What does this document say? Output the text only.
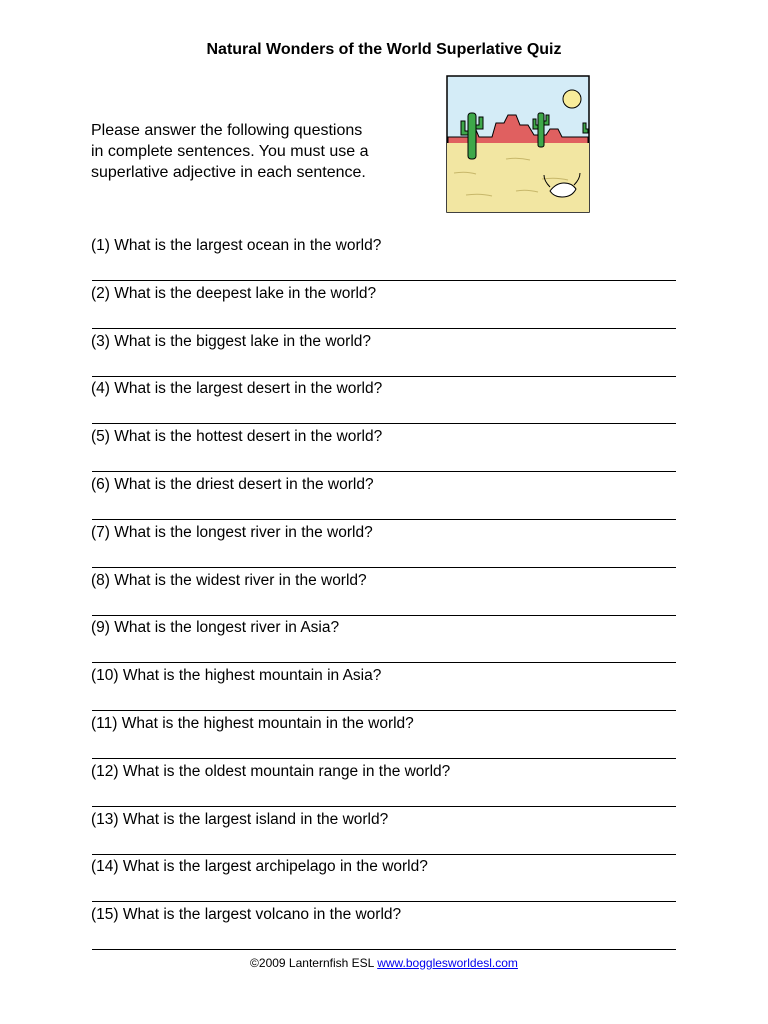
Natural Wonders of the World Superlative Quiz
Please answer the following questions
in complete sentences. You must use a
superlative adjective in each sentence.
(1) What is the largest ocean in the world?
(2) What is the deepest lake in the world?
(3) What is the biggest lake in the world?
(4) What is the largest desert in the world?
(5) What is the hottest desert in the world?
(6) What is the driest desert in the world?
(7) What is the longest river in the world?
(8) What is the widest river in the world?
(9) What is the longest river in Asia?
(10) What is the highest mountain in Asia?
(11) What is the highest mountain in the world?
(12) What is the oldest mountain range in the world?
(13) What is the largest island in the world?
(14) What is the largest archipelago in the world?
(15) What is the largest volcano in the world?
©2009 Lanternfish ESL www.bogglesworldesl.com
